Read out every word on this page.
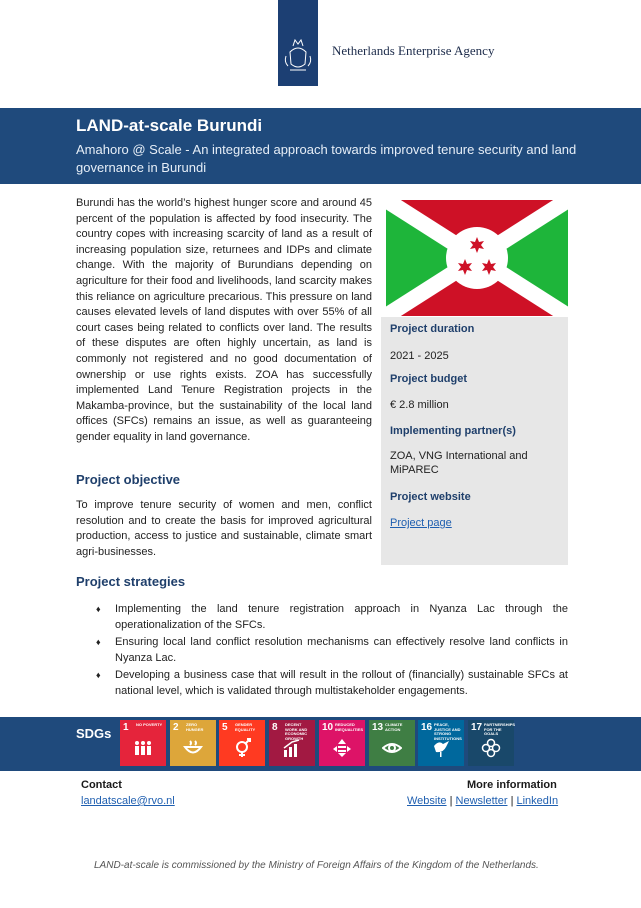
Netherlands Enterprise Agency
LAND-at-scale Burundi
Amahoro @ Scale - An integrated approach towards improved tenure security and land governance in Burundi
Burundi has the world’s highest hunger score and around 45 percent of the population is affected by food insecurity. The country copes with increasing scarcity of land as a result of increasing population size, returnees and IDPs and climate change. With the majority of Burundians depending on agriculture for their food and livelihoods, land scarcity makes this reliance on agriculture precarious. This pressure on land causes elevated levels of land disputes with over 55% of all court cases being related to conflicts over land. The results of these disputes are often highly uncertain, as land is commonly not registered and no good documentation of ownership or use rights exists. ZOA has successfully implemented Land Tenure Registration projects in the Makamba-province, but the sustainability of the local land offices (SFCs) remains an issue, as well as guaranteeing gender equality in land governance.
Project objective
To improve tenure security of women and men, conflict resolution and to create the basis for improved agricultural production, access to justice and sustainable, climate smart agri-businesses.
Project strategies
♦ Implementing the land tenure registration approach in Nyanza Lac through the operationalization of the SFCs.
♦ Ensuring local land conflict resolution mechanisms can effectively resolve land conflicts in Nyanza Lac.
♦ Developing a business case that will result in the rollout of (financially) sustainable SFCs at national level, which is validated through multistakeholder engagements.
Project duration
2021 - 2025
Project budget
€ 2.8 million
Implementing partner(s)
ZOA, VNG International and MiPAREC
Project website
Project page
SDGs 1 NO POVERTY 2 ZERO HUNGER	5 GENDER EQUALITY	8 DECENT WORK AND ECONOMIC GROWTH
10 REDUCED INEQUALITIES 13 CLIMATE ACTION	16 PEACE, JUSTICE AND STRONG INSTITUTIONS
17 PARTNERSHIPS FOR THE GOALS
Contact
landatscale@rvo.nl
More information
Website | Newsletter | LinkedIn
LAND-at-scale is commissioned by the Ministry of Foreign Affairs of the Kingdom of the Netherlands.
